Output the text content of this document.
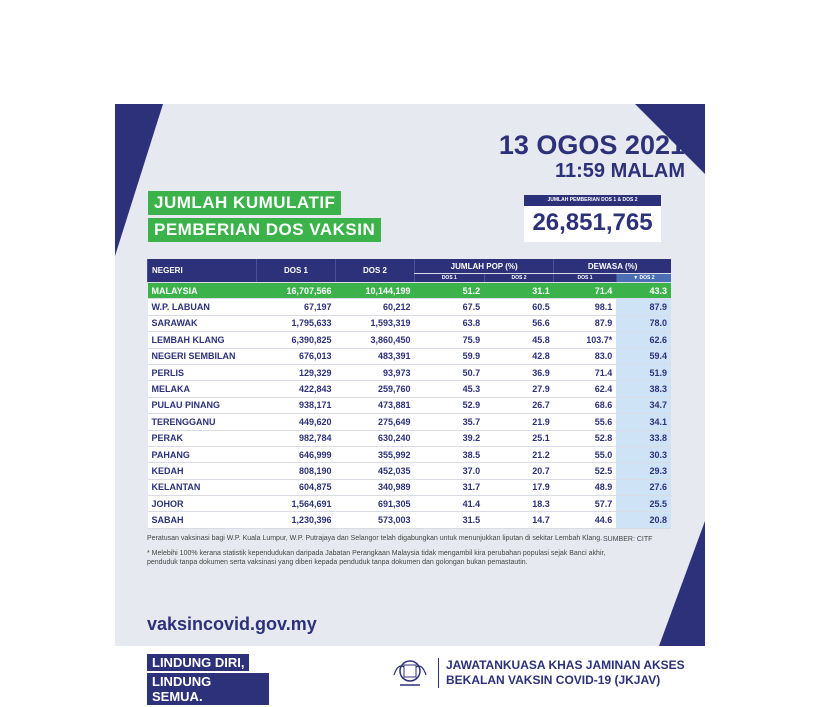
13 OGOS 2021
11:59 MALAM
JUMLAH KUMULATIF
PEMBERIAN DOS VAKSIN
JUMLAH PEMBERIAN DOS 1 & DOS 2
26,851,765
NEGERI	DOS 1	DOS 2	JUMLAH POP (%)		DEWASA (%)	
			DOS 1	DOS 2	DOS 1	▼ DOS 2
MALAYSIA	16,707,566	10,144,199	51.2	31.1	71.4	43.3
W.P. LABUAN	67,197	60,212	67.5	60.5	98.1	87.9
SARAWAK	1,795,633	1,593,319	63.8	56.6	87.9	78.0
LEMBAH KLANG	6,390,825	3,860,450	75.9	45.8	103.7*	62.6
NEGERI SEMBILAN	676,013	483,391	59.9	42.8	83.0	59.4
PERLIS	129,329	93,973	50.7	36.9	71.4	51.9
MELAKA	422,843	259,760	45.3	27.9	62.4	38.3
PULAU PINANG	938,171	473,881	52.9	26.7	68.6	34.7
TERENGGANU	449,620	275,649	35.7	21.9	55.6	34.1
PERAK	982,784	630,240	39.2	25.1	52.8	33.8
PAHANG	646,999	355,992	38.5	21.2	55.0	30.3
KEDAH	808,190	452,035	37.0	20.7	52.5	29.3
KELANTAN	604,875	340,989	31.7	17.9	48.9	27.6
JOHOR	1,564,691	691,305	41.4	18.3	57.7	25.5
SABAH	1,230,396	573,003	31.5	14.7	44.6	20.8

Peratusan vaksinasi bagi W.P. Kuala Lumpur, W.P. Putrajaya dan Selangor telah digabungkan untuk menunjukkan liputan di sekitar Lembah Klang.

* Melebihi 100% kerana statistik kependudukan daripada Jabatan Perangkaan Malaysia tidak mengambil kira perubahan populasi sejak Banci akhir, penduduk tanpa dokumen serta vaksinasi yang diberi kepada penduduk tanpa dokumen dan golongan bukan pemastautin.

SUMBER: CITF
vaksincovid.gov.my
LINDUNG DIRI,
LINDUNG SEMUA.
JAWATANKUASA KHAS JAMINAN AKSES
BEKALAN VAKSIN COVID-19 (JKJAV)
